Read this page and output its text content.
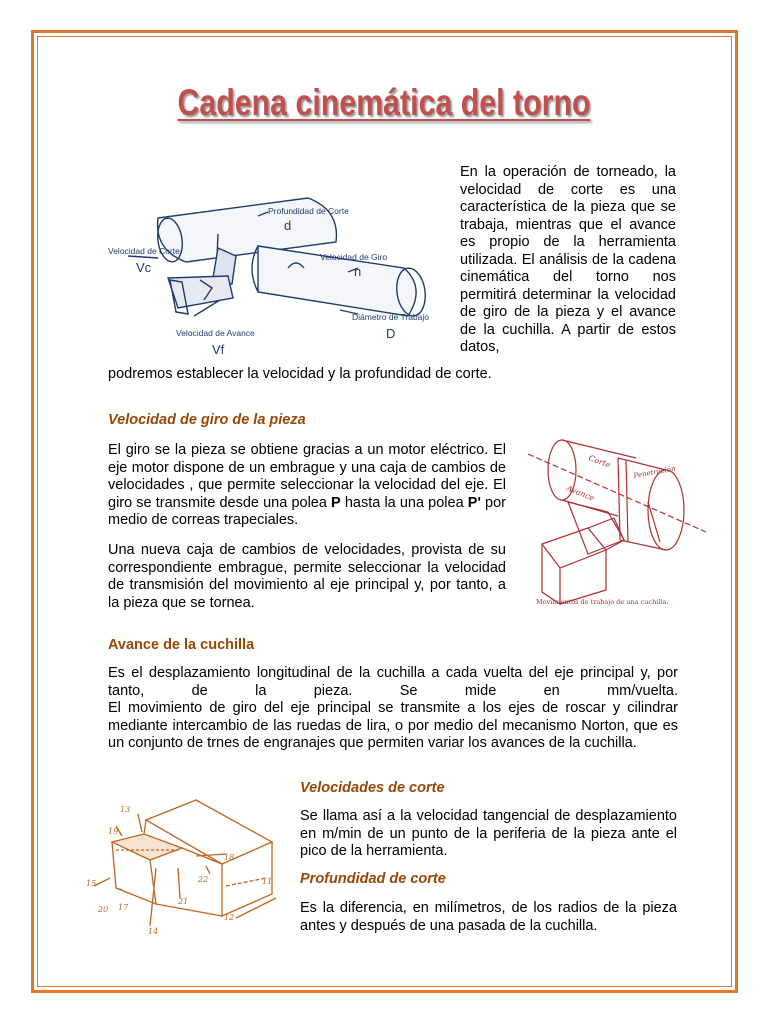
Cadena cinemática del torno
Profundidad de Corte
d
Velocidad de Corte
Vc
Velocidad de Giro
n
Diámetro de Trabajo
D
Velocidad de Avance
Vf
En la operación de torneado, la velocidad de corte es una característica de la pieza que se trabaja, mientras que el avance es propio de la herramienta utilizada. El análisis de la cadena cinemática del torno nos permitirá determinar la velocidad de giro de la pieza y el avance de la cuchilla. A partir de estos datos,
podremos establecer la velocidad y la profundidad de corte.
Velocidad de giro de la pieza
El giro se la pieza se obtiene gracias a un motor eléctrico. El eje motor dispone de un embrague y una caja de cambios de velocidades , que permite seleccionar la velocidad del eje. El giro se transmite desde una polea P hasta la una polea P' por medio de correas trapeciales.
Una nueva caja de cambios de velocidades, provista de su correspondiente embrague, permite seleccionar la velocidad de transmisión del movimiento al eje principal y, por tanto, a la pieza que se tornea.
Corte
Avance
Penetración
Movimientos de trabajo de una cuchilla.
Avance de la cuchilla
Es el desplazamiento longitudinal de la cuchilla a cada vuelta del eje principal y, por tanto, de la pieza. Se mide en mm/vuelta.
El movimiento de giro del eje principal se transmite a los ejes de roscar y cilindrar mediante intercambio de las ruedas de lira, o por medio del mecanismo Norton, que es un conjunto de trnes de engranajes que permiten variar los avances de la cuchilla.
13
19
18
15
20 17
14
21
22	11
12
Velocidades de corte
Se llama así a la velocidad tangencial de desplazamiento en m/min de un punto de la periferia de la pieza ante el pico de la herramienta.
Profundidad de corte
Es la diferencia, en milímetros, de los radios de la pieza antes y después de una pasada de la cuchilla.
